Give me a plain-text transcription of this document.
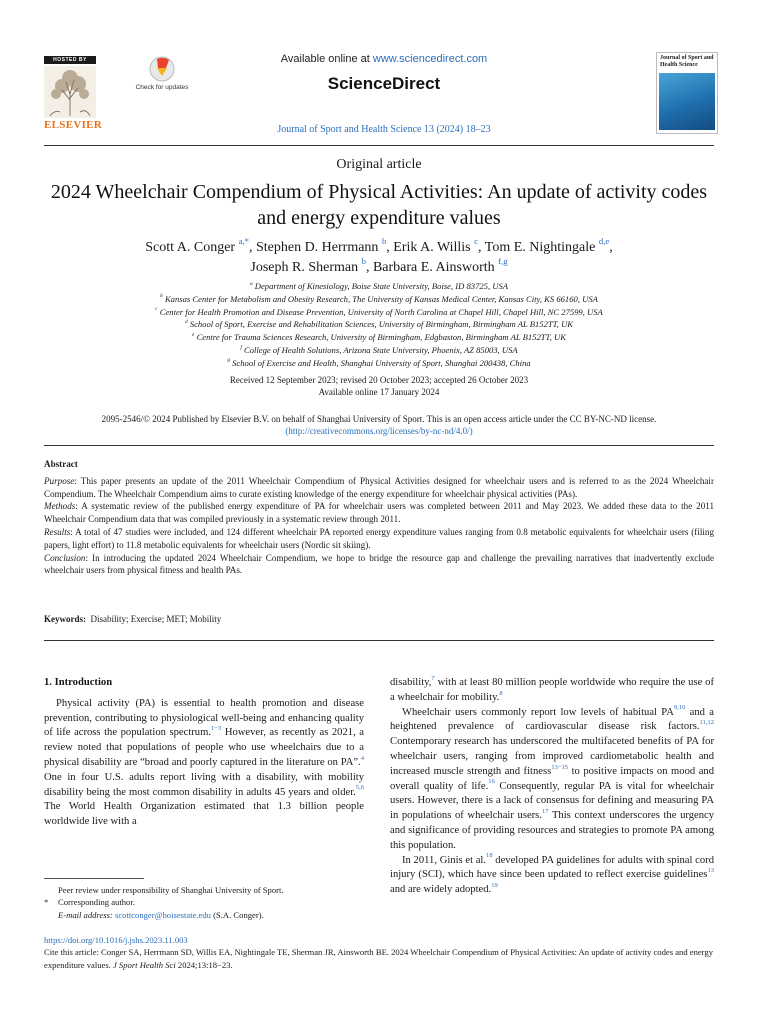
HOSTED BY
ELSEVIER
Check for updates
Available online at www.sciencedirect.com
ScienceDirect
Journal of Sport and Health Science 13 (2024) 18–23
Journal of Sport and Health Science
Original article
2024 Wheelchair Compendium of Physical Activities: An update of activity codes and energy expenditure values
Scott A. Conger $^{a,*}$, Stephen D. Herrmann $^b$, Erik A. Willis $^c$, Tom E. Nightingale $^{d,e}$,
Joseph R. Sherman $^b$, Barbara E. Ainsworth $^{f,g}$
$^a$ Department of Kinesiology, Boise State University, Boise, ID 83725, USA
$^b$ Kansas Center for Metabolism and Obesity Research, The University of Kansas Medical Center, Kansas City, KS 66160, USA
$^c$ Center for Health Promotion and Disease Prevention, University of North Carolina at Chapel Hill, Chapel Hill, NC 27599, USA
$^d$ School of Sport, Exercise and Rehabilitation Sciences, University of Birmingham, Birmingham AL B152TT, UK
$^e$ Centre for Trauma Sciences Research, University of Birmingham, Edgbaston, Birmingham AL B152TT, UK
$^f$ College of Health Solutions, Arizona State University, Phoenix, AZ 85003, USA
$^g$ School of Exercise and Health, Shanghai University of Sport, Shanghai 200438, China
Received 12 September 2023; revised 20 October 2023; accepted 26 October 2023
Available online 17 January 2024
2095-2546/© 2024 Published by Elsevier B.V. on behalf of Shanghai University of Sport. This is an open access article under the CC BY-NC-ND license.
(http://creativecommons.org/licenses/by-nc-nd/4.0/)
Abstract

Purpose: This paper presents an update of the 2011 Wheelchair Compendium of Physical Activities designed for wheelchair users and is referred to as the 2024 Wheelchair Compendium. The Wheelchair Compendium aims to curate existing knowledge of the energy expenditure for wheelchair physical activities (PAs).

Methods: A systematic review of the published energy expenditure of PA for wheelchair users was completed between 2011 and May 2023. We added these data to the 2011 Wheelchair Compendium data that was compiled previously in a systematic review through 2011.

Results: A total of 47 studies were included, and 124 different wheelchair PA reported energy expenditure values ranging from 0.8 metabolic equivalents for wheelchair users (filing papers, light effort) to 11.8 metabolic equivalents for wheelchair users (Nordic sit skiing).

Conclusion: In introducing the updated 2024 Wheelchair Compendium, we hope to bridge the resource gap and challenge the prevailing narratives that inadvertently exclude wheelchair users from physical fitness and health PAs.

Keywords: Disability; Exercise; MET; Mobility
1. Introduction

Physical activity (PA) is essential to health promotion and disease prevention, contributing to physiological well-being and enhancing quality of life across the population spectrum.$^{1-3}$ However, as recently as 2021, a review noted that populations of people who use wheelchairs due to a physical disability are “broad and poorly captured in the literature on PA”.$^4$ One in four U.S. adults report living with a disability, with mobility disability being the most common disability in adults 45 years and older.$^{5,6}$ The World Health Organization estimated that 1.3 billion people worldwide live with a

disability,$^7$ with at least 80 million people worldwide who require the use of a wheelchair for mobility.$^8$

Wheelchair users commonly report low levels of habitual PA$^{9,10}$ and a heightened prevalence of cardiovascular disease risk factors.$^{11,12}$ Contemporary research has underscored the multifaceted benefits of PA for wheelchair users, ranging from improved cardiometabolic health and increased muscle strength and fitness$^{13-15}$ to positive impacts on mood and overall quality of life.$^{16}$ Consequently, regular PA is vital for wheelchair users. However, there is a lack of consensus for defining and measuring PA in populations of wheelchair users.$^{17}$ This context underscores the urgency and significance of providing resources and strategies to promote PA among this population.

In 2011, Ginis et al.$^{18}$ developed PA guidelines for adults with spinal cord injury (SCI), which have since been updated to reflect exercise guidelines$^{13}$ and are widely adopted.$^{19}$

Peer review under responsibility of Shanghai University of Sport.
* Corresponding author.
E-mail address: scottconger@boisestate.edu (S.A. Conger).
https://doi.org/10.1016/j.jshs.2023.11.003
Cite this article: Conger SA, Herrmann SD, Willis EA, Nightingale TE, Sherman JR, Ainsworth BE. 2024 Wheelchair Compendium of Physical Activities: An update of activity codes and energy expenditure values. J Sport Health Sci 2024;13:18−23.
